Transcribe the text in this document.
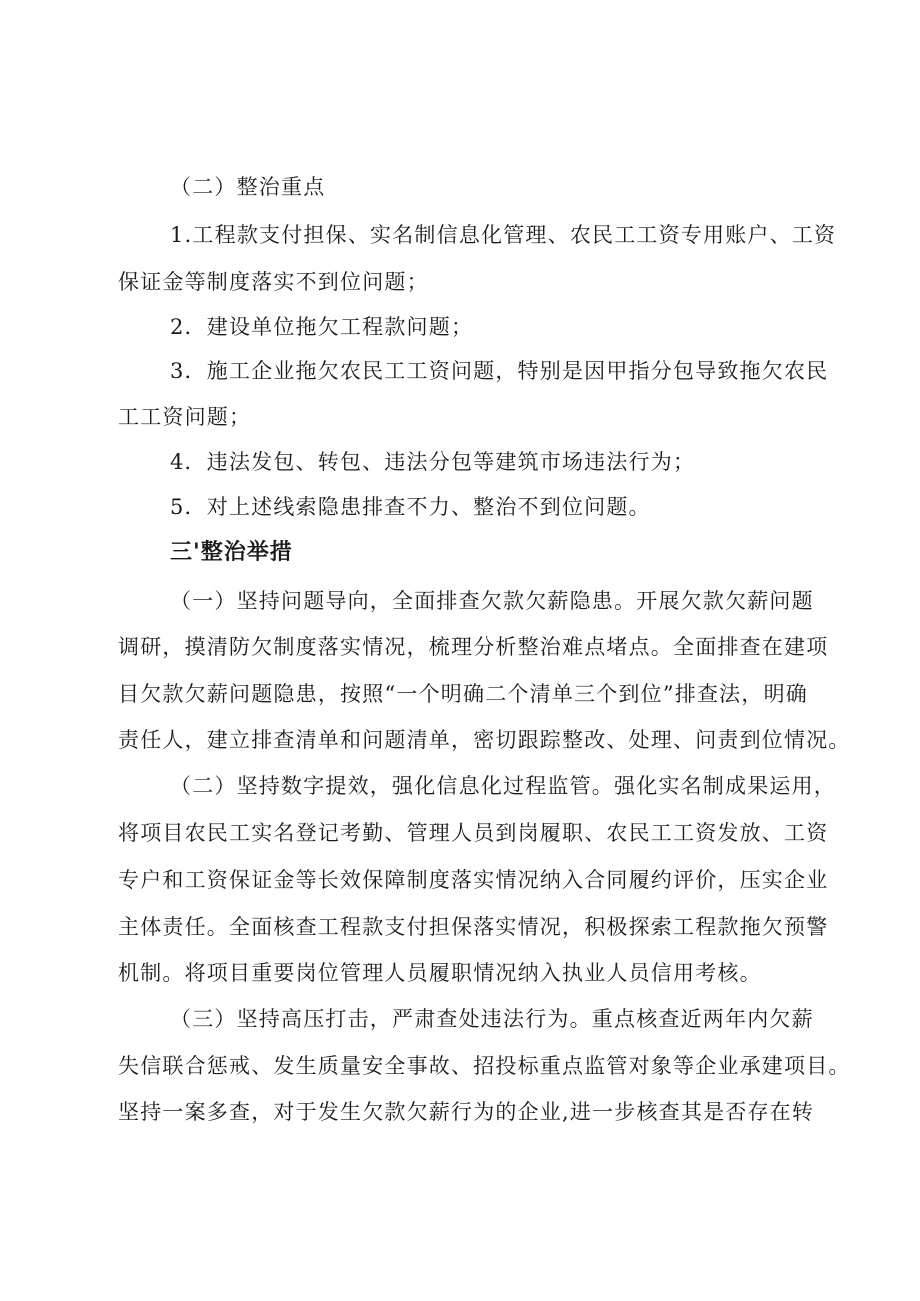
（二）整治重点
1.工程款支付担保、实名制信息化管理、农民工工资专用账户、工资
保证金等制度落实不到位问题；
2．建设单位拖欠工程款问题；
3．施工企业拖欠农民工工资问题，特别是因甲指分包导致拖欠农民
工工资问题；
4．违法发包、转包、违法分包等建筑市场违法行为；
5．对上述线索隐患排查不力、整治不到位问题。
三'整治举措
（一）坚持问题导向，全面排查欠款欠薪隐患。开展欠款欠薪问题
调研，摸清防欠制度落实情况，梳理分析整治难点堵点。全面排查在建项
目欠款欠薪问题隐患，按照“一个明确二个清单三个到位”排查法，明确
责任人，建立排查清单和问题清单，密切跟踪整改、处理、问责到位情况。
（二）坚持数字提效，强化信息化过程监管。强化实名制成果运用，
将项目农民工实名登记考勤、管理人员到岗履职、农民工工资发放、工资
专户和工资保证金等长效保障制度落实情况纳入合同履约评价，压实企业
主体责任。全面核查工程款支付担保落实情况，积极探索工程款拖欠预警
机制。将项目重要岗位管理人员履职情况纳入执业人员信用考核。
（三）坚持高压打击，严肃查处违法行为。重点核查近两年内欠薪
失信联合惩戒、发生质量安全事故、招投标重点监管对象等企业承建项目。
坚持一案多查，对于发生欠款欠薪行为的企业,进一步核查其是否存在转
